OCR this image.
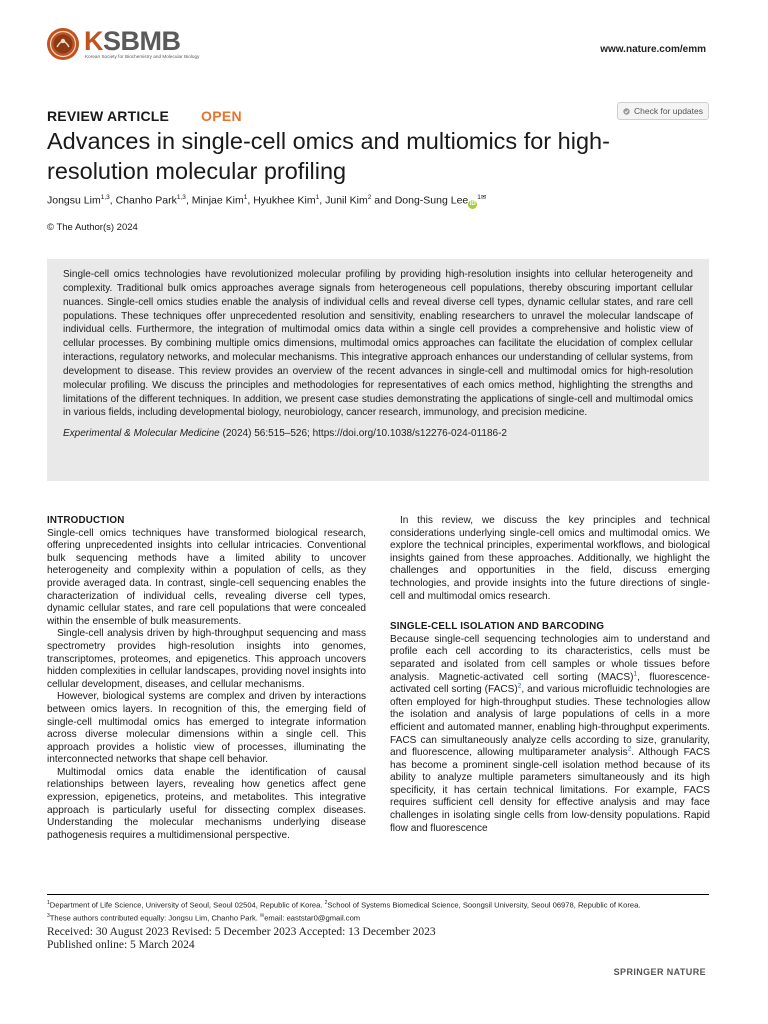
KSBMB
Korean Society for Biochemistry and Molecular Biology
www.nature.com/emm
REVIEW ARTICLE OPEN	Check for updates
Advances in single-cell omics and multiomics for high-resolution molecular profiling
Jongsu Lim$^{1,3}$, Chanho Park$^{1,3}$, Minjae Kim$^1$, Hyukhee Kim$^1$, Junil Kim$^2$ and Dong-Sung Lee $iD^{1✉}$
© The Author(s) 2024

Single-cell omics technologies have revolutionized molecular profiling by providing high-resolution insights into cellular heterogeneity and complexity. Traditional bulk omics approaches average signals from heterogeneous cell populations, thereby obscuring important cellular nuances. Single-cell omics studies enable the analysis of individual cells and reveal diverse cell types, dynamic cellular states, and rare cell populations. These techniques offer unprecedented resolution and sensitivity, enabling researchers to unravel the molecular landscape of individual cells. Furthermore, the integration of multimodal omics data within a single cell provides a comprehensive and holistic view of cellular processes. By combining multiple omics dimensions, multimodal omics approaches can facilitate the elucidation of complex cellular interactions, regulatory networks, and molecular mechanisms. This integrative approach enhances our understanding of cellular systems, from development to disease. This review provides an overview of the recent advances in single-cell and multimodal omics for high-resolution molecular profiling. We discuss the principles and methodologies for representatives of each omics method, highlighting the strengths and limitations of the different techniques. In addition, we present case studies demonstrating the applications of single-cell and multimodal omics in various fields, including developmental biology, neurobiology, cancer research, immunology, and precision medicine.

Experimental & Molecular Medicine (2024) 56:515–526; https://doi.org/10.1038/s12276-024-01186-2
INTRODUCTION

Single-cell omics techniques have transformed biological research, offering unprecedented insights into cellular intricacies. Conventional bulk sequencing methods have a limited ability to uncover heterogeneity and complexity within a population of cells, as they provide averaged data. In contrast, single-cell sequencing enables the characterization of individual cells, revealing diverse cell types, dynamic cellular states, and rare cell populations that were concealed within the ensemble of bulk measurements.

Single-cell analysis driven by high-throughput sequencing and mass spectrometry provides high-resolution insights into genomes, transcriptomes, proteomes, and epigenetics. This approach uncovers hidden complexities in cellular landscapes, providing novel insights into cellular development, diseases, and cellular mechanisms.

However, biological systems are complex and driven by interactions between omics layers. In recognition of this, the emerging field of single-cell multimodal omics has emerged to integrate information across diverse molecular dimensions within a single cell. This approach provides a holistic view of processes, illuminating the interconnected networks that shape cell behavior.

Multimodal omics data enable the identification of causal relationships between layers, revealing how genetics affect gene expression, epigenetics, proteins, and metabolites. This integrative approach is particularly useful for dissecting complex diseases. Understanding the molecular mechanisms underlying disease pathogenesis requires a multidimensional perspective.

In this review, we discuss the key principles and technical considerations underlying single-cell omics and multimodal omics. We explore the technical principles, experimental workflows, and biological insights gained from these approaches. Additionally, we highlight the challenges and opportunities in the field, discuss emerging technologies, and provide insights into the future directions of single-cell and multimodal omics research.

SINGLE-CELL ISOLATION AND BARCODING

Because single-cell sequencing technologies aim to understand and profile each cell according to its characteristics, cells must be separated and isolated from cell samples or whole tissues before analysis. Magnetic-activated cell sorting (MACS)$^1$, fluorescence-activated cell sorting (FACS)$^2$, and various microfluidic technologies are often employed for high-throughput studies. These technologies allow the isolation and analysis of large populations of cells in a more efficient and automated manner, enabling high-throughput experiments. FACS can simultaneously analyze cells according to size, granularity, and fluorescence, allowing multiparameter analysis$^2$. Although FACS has become a prominent single-cell isolation method because of its ability to analyze multiple parameters simultaneously and its high specificity, it has certain technical limitations. For example, FACS requires sufficient cell density for effective analysis and may face challenges in isolating single cells from low-density populations. Rapid flow and fluorescence

$^1$Department of Life Science, University of Seoul, Seoul 02504, Republic of Korea. $^2$School of Systems Biomedical Science, Soongsil University, Seoul 06978, Republic of Korea.
$^3$These authors contributed equally: Jongsu Lim, Chanho Park. ✉email: eaststar0@gmail.com
Received: 30 August 2023 Revised: 5 December 2023 Accepted: 13 December 2023
Published online: 5 March 2024
SPRINGER NATURE
